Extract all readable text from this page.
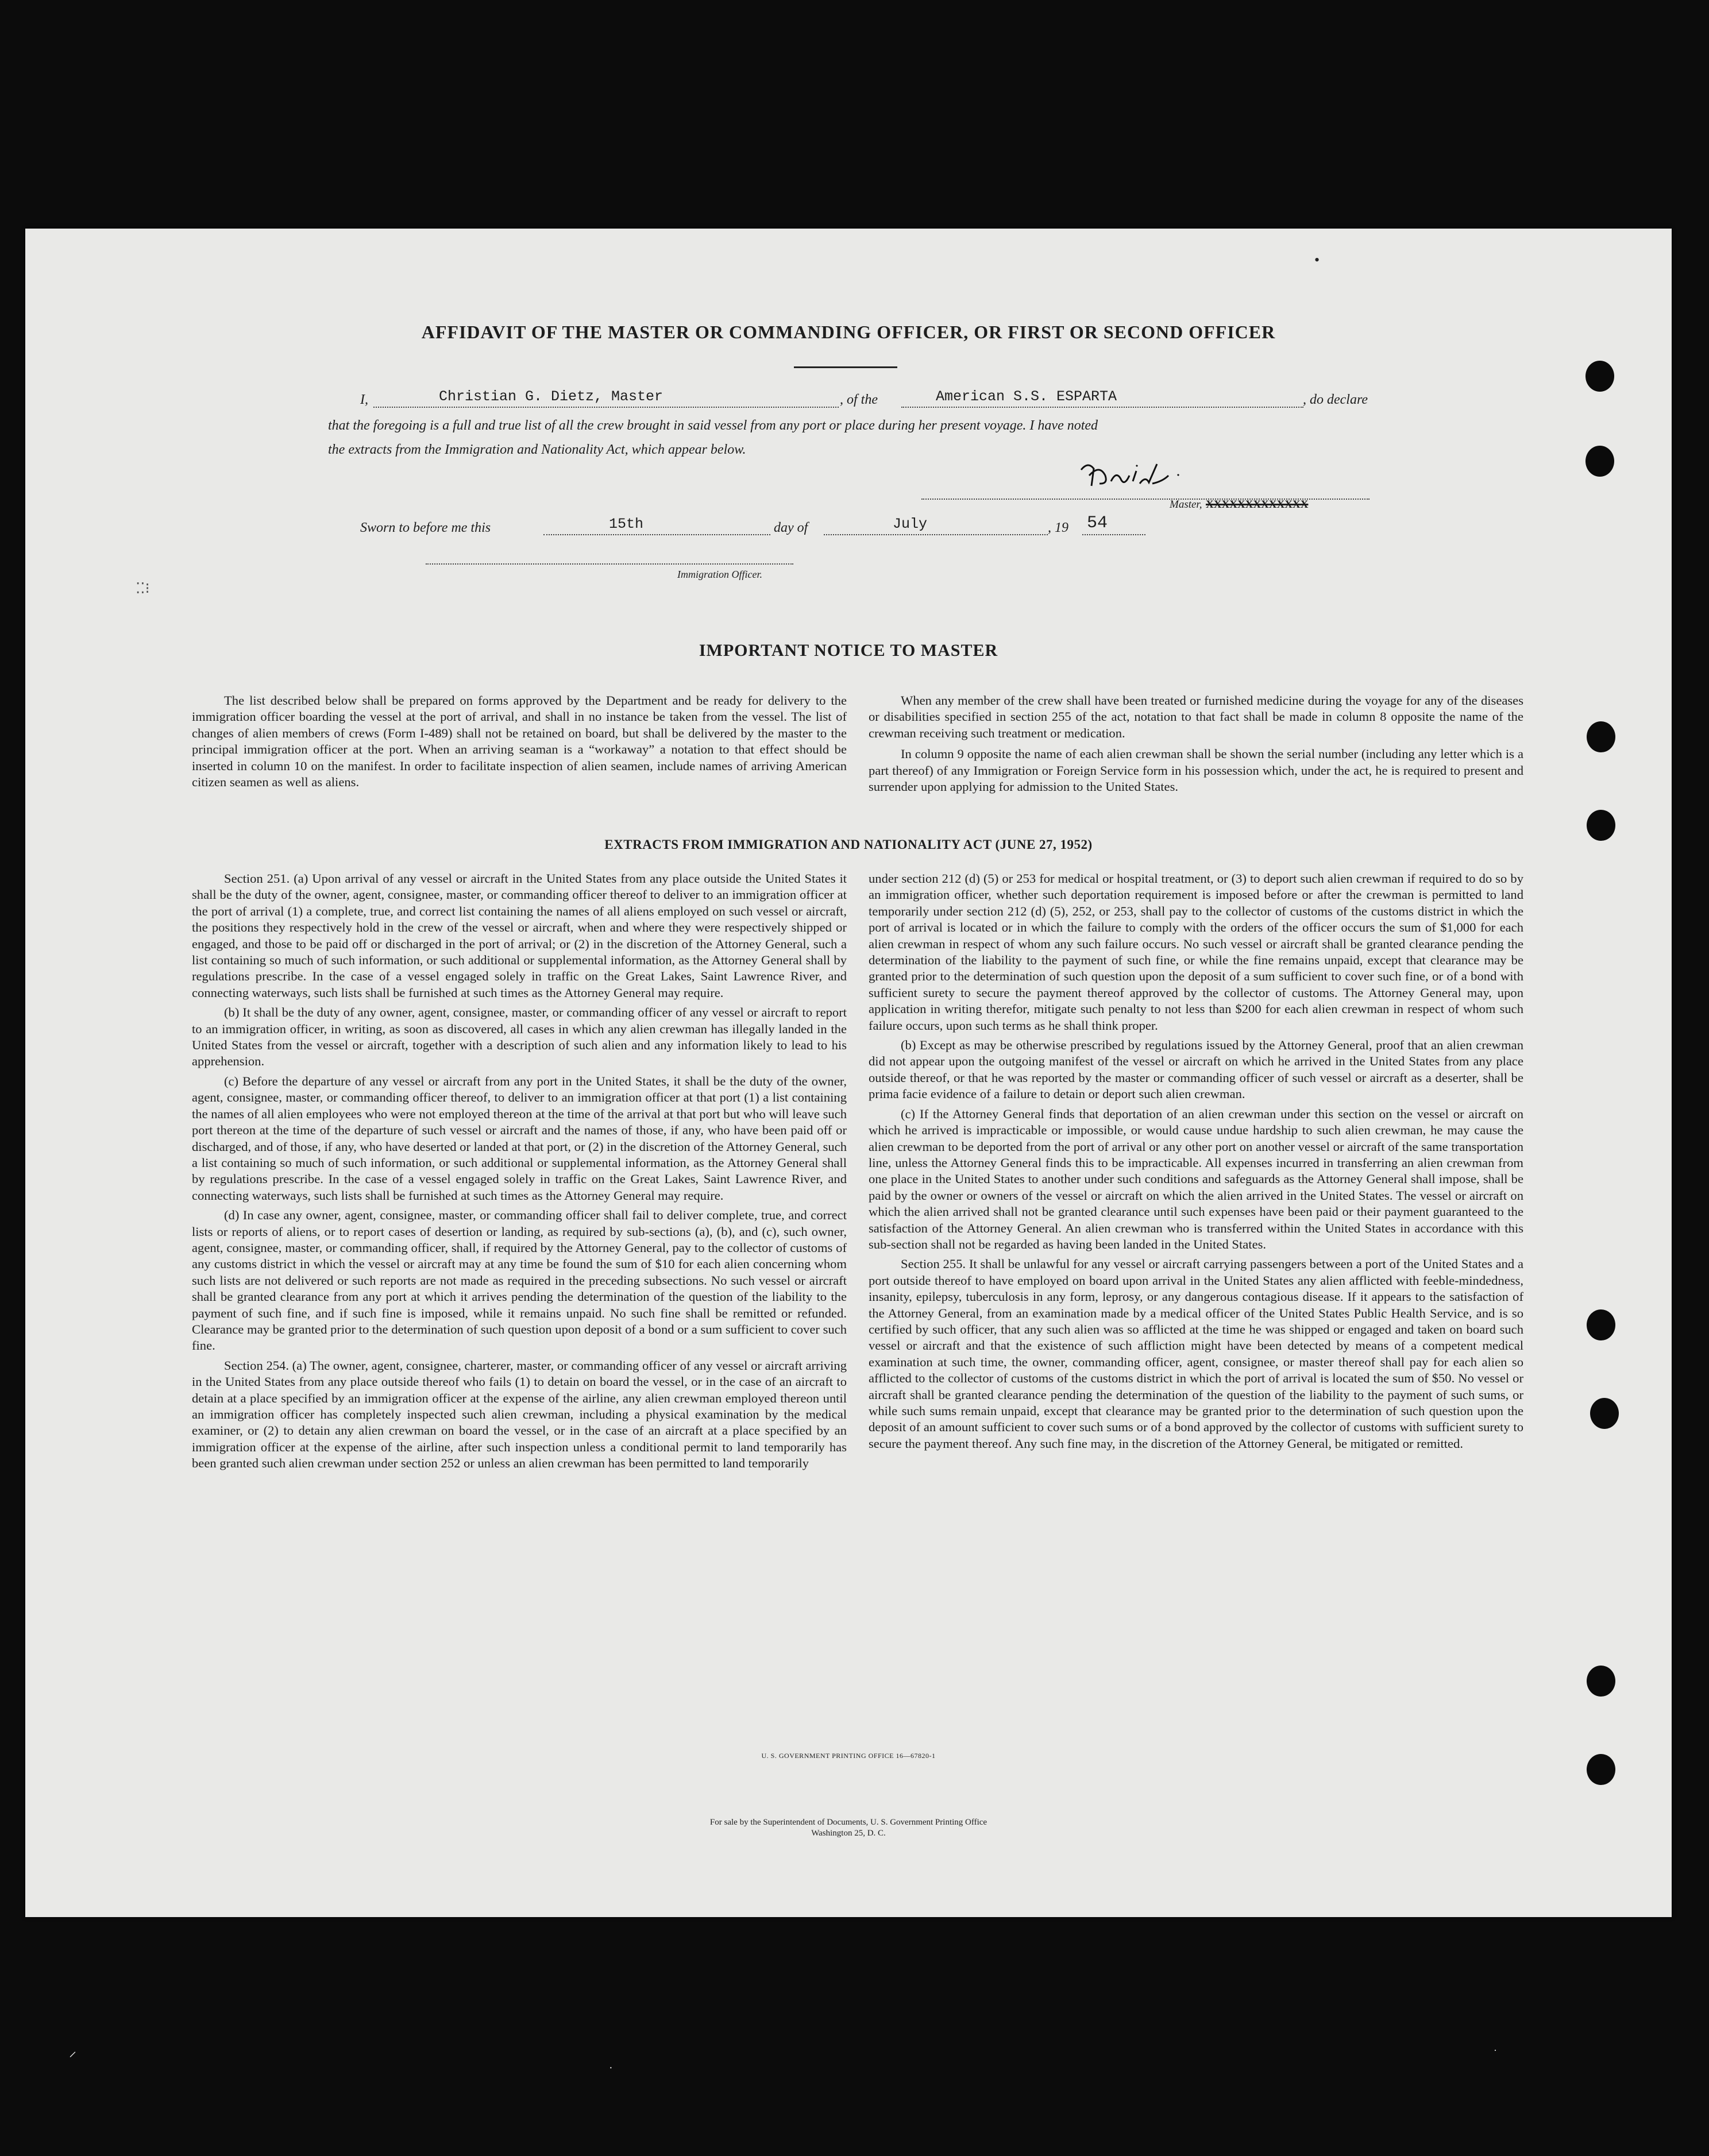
AFFIDAVIT OF THE MASTER OR COMMANDING OFFICER, OR FIRST OR SECOND OFFICER
I,	Christian G. Dietz, Master	, of the	American S.S. ESPARTA	, do declare
that the foregoing is a full and true list of all the crew brought in said vessel from any port or place during her present voyage. I have noted
the extracts from the Immigration and Nationality Act, which appear below.
Master, XXXXXXXXXXXXX
Sworn to before me this	15th	day of	July	, 19 54
Immigration Officer.
⁚⁚⁝
IMPORTANT NOTICE TO MASTER

The list described below shall be prepared on forms approved by the Department and be ready for delivery to the immigration officer boarding the vessel at the port of arrival, and shall in no instance be taken from the vessel. The list of changes of alien members of crews (Form I-489) shall not be retained on board, but shall be delivered by the master to the principal immigration officer at the port. When an arriving seaman is a “workaway” a notation to that effect should be inserted in column 10 on the manifest. In order to facilitate inspection of alien seamen, include names of arriving American citizen seamen as well as aliens.

When any member of the crew shall have been treated or furnished medicine during the voyage for any of the diseases or disabilities specified in section 255 of the act, notation to that fact shall be made in column 8 opposite the name of the crewman receiving such treatment or medication.

In column 9 opposite the name of each alien crewman shall be shown the serial number (including any letter which is a part thereof) of any Immigration or Foreign Service form in his possession which, under the act, he is required to present and surrender upon applying for admission to the United States.

EXTRACTS FROM IMMIGRATION AND NATIONALITY ACT (JUNE 27, 1952)

Section 251. (a) Upon arrival of any vessel or aircraft in the United States from any place outside the United States it shall be the duty of the owner, agent, consignee, master, or commanding officer thereof to deliver to an immigration officer at the port of arrival (1) a complete, true, and correct list containing the names of all aliens employed on such vessel or aircraft, the positions they respectively hold in the crew of the vessel or aircraft, when and where they were respectively shipped or engaged, and those to be paid off or discharged in the port of arrival; or (2) in the discretion of the Attorney General, such a list containing so much of such information, or such additional or supplemental information, as the Attorney General shall by regulations prescribe. In the case of a vessel engaged solely in traffic on the Great Lakes, Saint Lawrence River, and connecting waterways, such lists shall be furnished at such times as the Attorney General may require.

(b) It shall be the duty of any owner, agent, consignee, master, or commanding officer of any vessel or aircraft to report to an immigration officer, in writing, as soon as discovered, all cases in which any alien crewman has illegally landed in the United States from the vessel or aircraft, together with a description of such alien and any information likely to lead to his apprehension.

(c) Before the departure of any vessel or aircraft from any port in the United States, it shall be the duty of the owner, agent, consignee, master, or commanding officer thereof, to deliver to an immigration officer at that port (1) a list containing the names of all alien employees who were not employed thereon at the time of the arrival at that port but who will leave such port thereon at the time of the departure of such vessel or aircraft and the names of those, if any, who have been paid off or discharged, and of those, if any, who have deserted or landed at that port, or (2) in the discretion of the Attorney General, such a list containing so much of such information, or such additional or supplemental information, as the Attorney General shall by regulations prescribe. In the case of a vessel engaged solely in traffic on the Great Lakes, Saint Lawrence River, and connecting waterways, such lists shall be furnished at such times as the Attorney General may require.

(d) In case any owner, agent, consignee, master, or commanding officer shall fail to deliver complete, true, and correct lists or reports of aliens, or to report cases of desertion or landing, as required by sub-sections (a), (b), and (c), such owner, agent, consignee, master, or commanding officer, shall, if required by the Attorney General, pay to the collector of customs of any customs district in which the vessel or aircraft may at any time be found the sum of $10 for each alien concerning whom such lists are not delivered or such reports are not made as required in the preceding subsections. No such vessel or aircraft shall be granted clearance from any port at which it arrives pending the determination of the question of the liability to the payment of such fine, and if such fine is imposed, while it remains unpaid. No such fine shall be remitted or refunded. Clearance may be granted prior to the determination of such question upon deposit of a bond or a sum sufficient to cover such fine.

Section 254. (a) The owner, agent, consignee, charterer, master, or commanding officer of any vessel or aircraft arriving in the United States from any place outside thereof who fails (1) to detain on board the vessel, or in the case of an aircraft to detain at a place specified by an immigration officer at the expense of the airline, any alien crewman employed thereon until an immigration officer has completely inspected such alien crewman, including a physical examination by the medical examiner, or (2) to detain any alien crewman on board the vessel, or in the case of an aircraft at a place specified by an immigration officer at the expense of the airline, after such inspection unless a conditional permit to land temporarily has been granted such alien crewman under section 252 or unless an alien crewman has been permitted to land temporarily

under section 212 (d) (5) or 253 for medical or hospital treatment, or (3) to deport such alien crewman if required to do so by an immigration officer, whether such deportation requirement is imposed before or after the crewman is permitted to land temporarily under section 212 (d) (5), 252, or 253, shall pay to the collector of customs of the customs district in which the port of arrival is located or in which the failure to comply with the orders of the officer occurs the sum of $1,000 for each alien crewman in respect of whom any such failure occurs. No such vessel or aircraft shall be granted clearance pending the determination of the liability to the payment of such fine, or while the fine remains unpaid, except that clearance may be granted prior to the determination of such question upon the deposit of a sum sufficient to cover such fine, or of a bond with sufficient surety to secure the payment thereof approved by the collector of customs. The Attorney General may, upon application in writing therefor, mitigate such penalty to not less than $200 for each alien crewman in respect of whom such failure occurs, upon such terms as he shall think proper.

(b) Except as may be otherwise prescribed by regulations issued by the Attorney General, proof that an alien crewman did not appear upon the outgoing manifest of the vessel or aircraft on which he arrived in the United States from any place outside thereof, or that he was reported by the master or commanding officer of such vessel or aircraft as a deserter, shall be prima facie evidence of a failure to detain or deport such alien crewman.

(c) If the Attorney General finds that deportation of an alien crewman under this section on the vessel or aircraft on which he arrived is impracticable or impossible, or would cause undue hardship to such alien crewman, he may cause the alien crewman to be deported from the port of arrival or any other port on another vessel or aircraft of the same transportation line, unless the Attorney General finds this to be impracticable. All expenses incurred in transferring an alien crewman from one place in the United States to another under such conditions and safeguards as the Attorney General shall impose, shall be paid by the owner or owners of the vessel or aircraft on which the alien arrived in the United States. The vessel or aircraft on which the alien arrived shall not be granted clearance until such expenses have been paid or their payment guaranteed to the satisfaction of the Attorney General. An alien crewman who is transferred within the United States in accordance with this sub-section shall not be regarded as having been landed in the United States.

Section 255. It shall be unlawful for any vessel or aircraft carrying passengers between a port of the United States and a port outside thereof to have employed on board upon arrival in the United States any alien afflicted with feeble-mindedness, insanity, epilepsy, tuberculosis in any form, leprosy, or any dangerous contagious disease. If it appears to the satisfaction of the Attorney General, from an examination made by a medical officer of the United States Public Health Service, and is so certified by such officer, that any such alien was so afflicted at the time he was shipped or engaged and taken on board such vessel or aircraft and that the existence of such affliction might have been detected by means of a competent medical examination at such time, the owner, commanding officer, agent, consignee, or master thereof shall pay for each alien so afflicted to the collector of customs of the customs district in which the port of arrival is located the sum of $50. No vessel or aircraft shall be granted clearance pending the determination of the question of the liability to the payment of such sums, or while such sums remain unpaid, except that clearance may be granted prior to the determination of such question upon the deposit of an amount sufficient to cover such sums or of a bond approved by the collector of customs with sufficient surety to secure the payment thereof. Any such fine may, in the discretion of the Attorney General, be mitigated or remitted.

U. S. GOVERNMENT PRINTING OFFICE 16—67820-1
For sale by the Superintendent of Documents, U. S. Government Printing Office
Washington 25, D. C.
•
⸝
·
·
